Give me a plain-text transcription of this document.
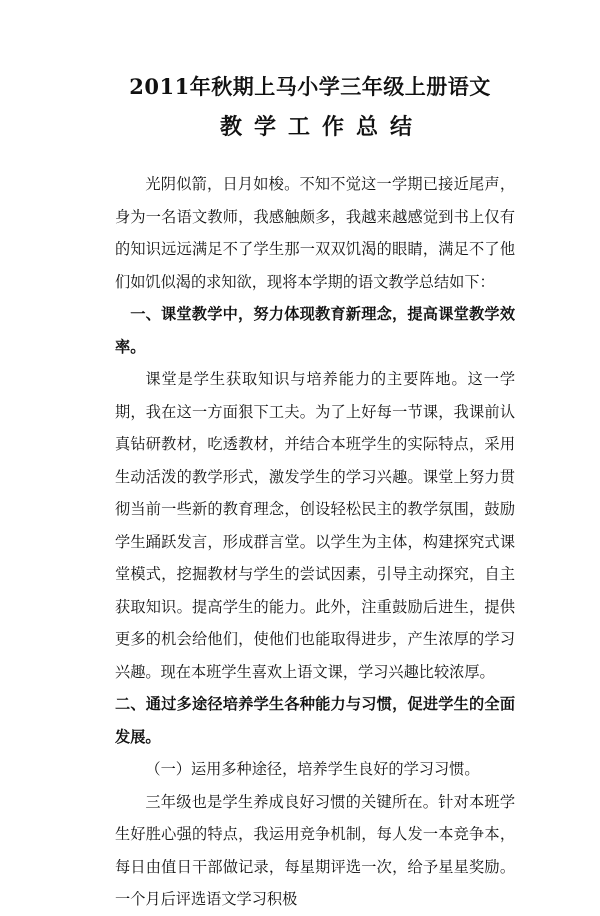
2011年秋期上马小学三年级上册语文
教学工作总结

光阴似箭，日月如梭。不知不觉这一学期已接近尾声，身为一名语文教师，我感触颇多，我越来越感觉到书上仅有的知识远远满足不了学生那一双双饥渴的眼睛，满足不了他们如饥似渴的求知欲，现将本学期的语文教学总结如下：

一、课堂教学中，努力体现教育新理念，提高课堂教学效率。

课堂是学生获取知识与培养能力的主要阵地。这一学期，我在这一方面狠下工夫。为了上好每一节课，我课前认真钻研教材，吃透教材，并结合本班学生的实际特点，采用生动活泼的教学形式，激发学生的学习兴趣。课堂上努力贯彻当前一些新的教育理念，创设轻松民主的教学氛围，鼓励学生踊跃发言，形成群言堂。以学生为主体，构建探究式课堂模式，挖掘教材与学生的尝试因素，引导主动探究，自主获取知识。提高学生的能力。此外，注重鼓励后进生，提供更多的机会给他们，使他们也能取得进步，产生浓厚的学习兴趣。现在本班学生喜欢上语文课，学习兴趣比较浓厚。

二、通过多途径培养学生各种能力与习惯，促进学生的全面发展。

（一）运用多种途径，培养学生良好的学习习惯。

三年级也是学生养成良好习惯的关键所在。针对本班学生好胜心强的特点，我运用竞争机制，每人发一本竞争本，每日由值日干部做记录，每星期评选一次，给予星星奖励。一个月后评选语文学习积极
